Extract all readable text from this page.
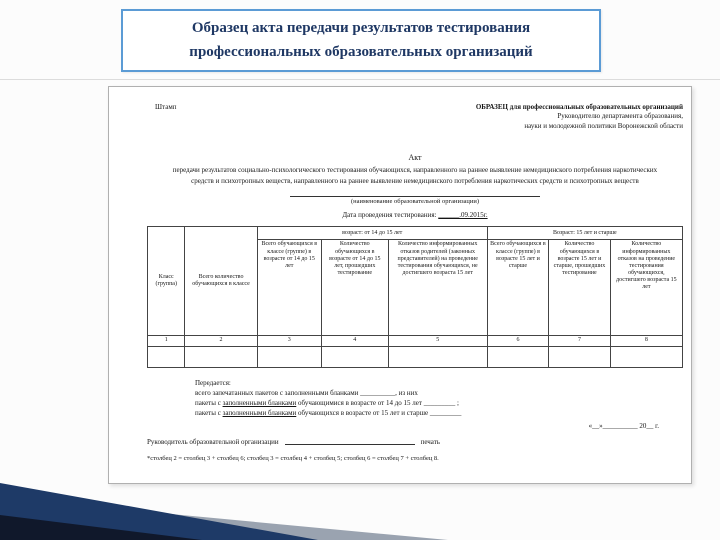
Образец акта передачи результатов тестирования
профессиональных образовательных организаций
Штамп	ОБРАЗЕЦ для профессиональных образовательных организаций
Руководителю департамента образования,
науки и молодежной политики Воронежской области
Акт
передачи результатов социально-психологического тестирования обучающихся, направленного на раннее выявление немедицинского потребления наркотических средств и психотропных веществ, направленного на раннее выявление немедицинского потребления наркотических средств и психотропных веществ
(наименование образовательной организации)
Дата проведения тестирования: ______.09.2015г.
Класс (группа)	Всего количество обучающихся в классе	возраст: от 14 до 15 лет			Возраст: 15 лет и старше		
		Всего обучающихся в классе (группе) в возрасте от 14 до 15 лет	Количество обучающихся в возрасте от 14 до 15 лет, прошедших тестирование	Количество информированных отказов родителей (законных представителей) на проведение тестирования обучающихся, не достигшего возраста 15 лет	Всего обучающихся в классе (группе) в возрасте 15 лет и старше	Количество обучающихся в возрасте 15 лет и старше, прошедших тестирование	Количество информированных отказов на проведение тестирования обучающихся, достигшего возраста 15 лет
1	2	3	4	5	6	7	8

Передается:
всего запечатанных пакетов с заполненными бланками __________, из них
пакеты с заполненными бланками обучающимися в возрасте от 14 до 15 лет _________ ;
пакеты с заполненными бланками обучающихся в возрасте от 15 лет и старше _________
«__»__________ 20__ г.
Руководитель образовательной организации	печать
*столбец 2 = столбец 3 + столбец 6; столбец 3 = столбец 4 + столбец 5; столбец 6 = столбец 7 + столбец 8.
